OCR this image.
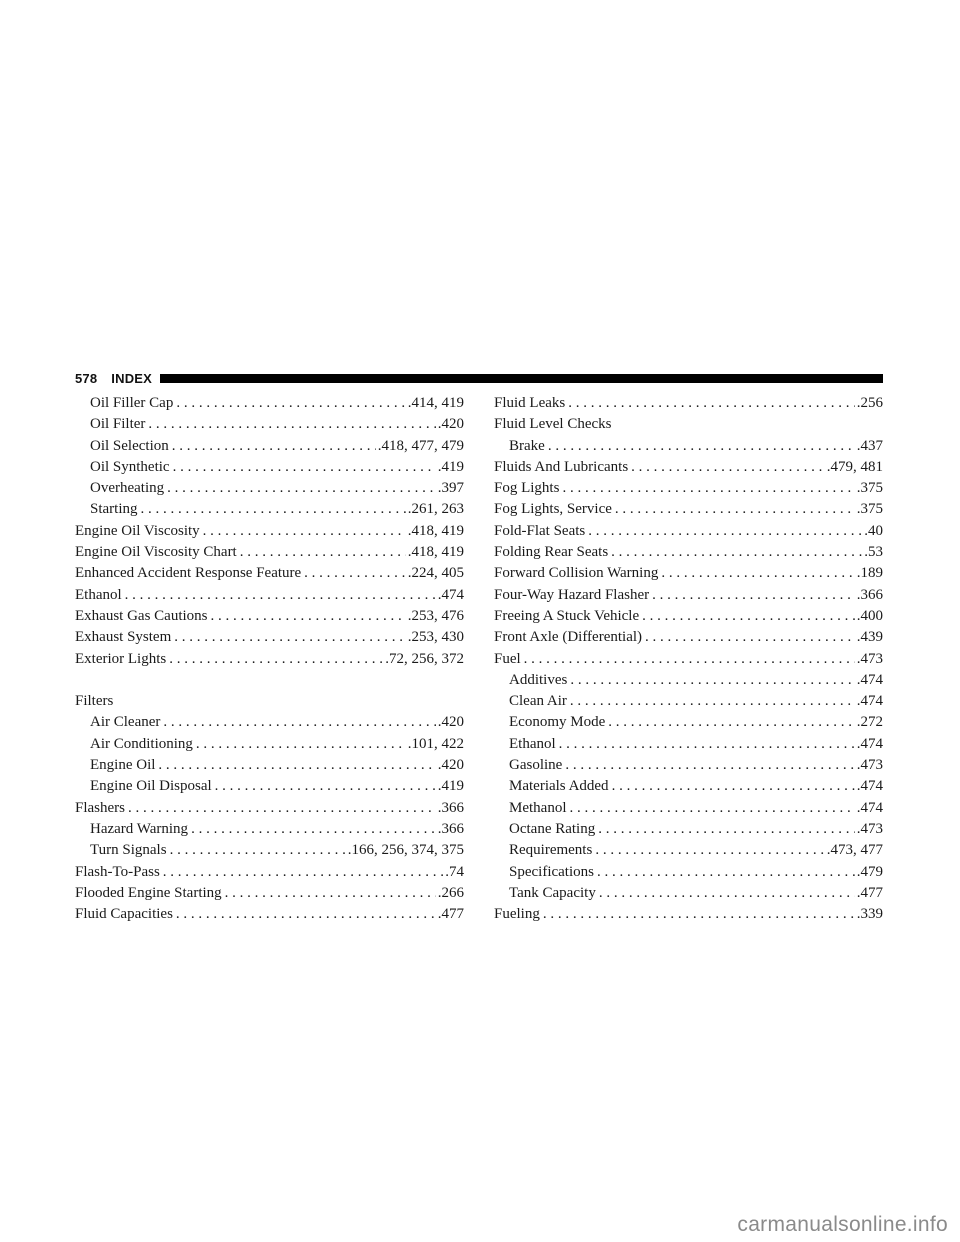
578	INDEX
Oil Filler Cap . . .	.414, 419
Oil Filter . . .	.420
Oil Selection . . .	.418, 477, 479
Oil Synthetic . . .	.419
Overheating . . .	.397
Starting . . .	.261, 263
Engine Oil Viscosity . . .	.418, 419
Engine Oil Viscosity Chart . . .	.418, 419
Enhanced Accident Response Feature . . .	.224, 405
Ethanol . . .	.474
Exhaust Gas Cautions . . .	.253, 476
Exhaust System . . .	.253, 430
Exterior Lights . . .	.72, 256, 372
Filters
Air Cleaner . . .	.420
Air Conditioning . . .	.101, 422
Engine Oil . . .	.420
Engine Oil Disposal . . .	.419
Flashers . . .	.366
Hazard Warning . . .	.366
Turn Signals . . .	.166, 256, 374, 375
Flash-To-Pass . . .	.74
Flooded Engine Starting . . .	.266
Fluid Capacities . . .	.477
Fluid Leaks . . .	.256
Fluid Level Checks
Brake . . .	.437
Fluids And Lubricants . . .	.479, 481
Fog Lights . . .	.375
Fog Lights, Service . . .	.375
Fold-Flat Seats . . .	.40
Folding Rear Seats . . .	.53
Forward Collision Warning . . .	.189
Four-Way Hazard Flasher . . .	.366
Freeing A Stuck Vehicle . . .	.400
Front Axle (Differential) . . .	.439
Fuel . . .	.473
Additives . . .	.474
Clean Air . . .	.474
Economy Mode . . .	.272
Ethanol . . .	.474
Gasoline . . .	.473
Materials Added . . .	.474
Methanol . . .	.474
Octane Rating . . .	.473
Requirements . . .	.473, 477
Specifications . . .	.479
Tank Capacity . . .	.477
Fueling . . .	.339
carmanualsonline.info
